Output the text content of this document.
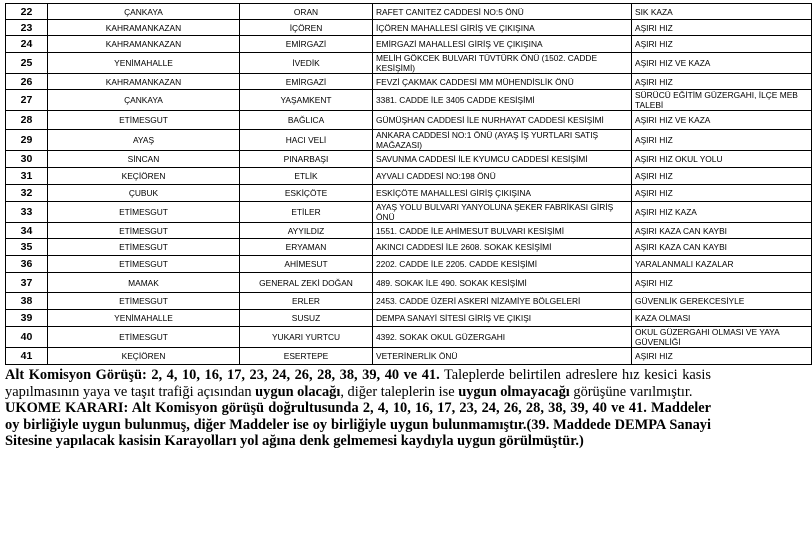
22	ÇANKAYA	ORAN	RAFET CANITEZ CADDESİ NO:5 ÖNÜ	SIK KAZA
23	KAHRAMANKAZAN	İÇÖREN	İÇÖREN MAHALLESİ GİRİŞ VE ÇIKIŞINA	AŞIRI HIZ
24	KAHRAMANKAZAN	EMİRGAZİ	EMİRGAZİ MAHALLESİ GİRİŞ VE ÇIKIŞINA	AŞIRI HIZ
25	YENİMAHALLE	İVEDİK	MELİH GÖKCEK BULVARI TÜVTÜRK ÖNÜ (1502. CADDE KESİŞİMİ)	AŞIRI HIZ VE KAZA
26	KAHRAMANKAZAN	EMİRGAZİ	FEVZİ ÇAKMAK CADDESİ MM MÜHENDİSLİK ÖNÜ	AŞIRI HIZ
27	ÇANKAYA	YAŞAMKENT	3381. CADDE İLE 3405 CADDE KESİŞİMİ	SÜRÜCÜ EĞİTİM GÜZERGAHI, İLÇE MEB TALEBİ
28	ETİMESGUT	BAĞLICA	GÜMÜŞHAN CADDESİ İLE NURHAYAT CADDESİ KESİŞİMİ	AŞIRI HIZ VE KAZA
29	AYAŞ	HACI VELİ	ANKARA CADDESİ NO:1 ÖNÜ (AYAŞ İŞ YURTLARI SATIŞ MAĞAZASI)	AŞIRI HIZ
30	SİNCAN	PINARBAŞI	SAVUNMA CADDESİ İLE KYUMCU CADDESİ KESİŞİMİ	AŞIRI HIZ OKUL YOLU
31	KEÇİÖREN	ETLİK	AYVALI CADDESİ NO:198 ÖNÜ	AŞIRI HIZ
32	ÇUBUK	ESKİÇÖTE	ESKİÇÖTE MAHALLESİ GİRİŞ ÇIKIŞINA	AŞIRI HIZ
33	ETİMESGUT	ETİLER	AYAŞ YOLU BULVARI YANYOLUNA ŞEKER FABRİKASI GİRİŞ ÖNÜ	AŞIRI HIZ KAZA
34	ETİMESGUT	AYYILDIZ	1551. CADDE İLE AHİMESUT BULVARI KESİŞİMİ	AŞIRI KAZA CAN KAYBI
35	ETİMESGUT	ERYAMAN	AKINCI CADDESİ İLE 2608. SOKAK KESİŞİMİ	AŞIRI KAZA CAN KAYBI
36	ETİMESGUT	AHİMESUT	2202. CADDE İLE 2205. CADDE KESİŞİMİ	YARALANMALI KAZALAR
37	MAMAK	GENERAL ZEKİ DOĞAN	489. SOKAK İLE 490. SOKAK KESİŞİMİ	AŞIRI HIZ
38	ETİMESGUT	ERLER	2453. CADDE ÜZERİ ASKERİ NİZAMİYE BÖLGELERİ	GÜVENLİK GEREKCESİYLE
39	YENİMAHALLE	SUSUZ	DEMPA SANAYİ SİTESİ GİRİŞ VE ÇIKIŞI	KAZA OLMASI
40	ETİMESGUT	YUKARI YURTCU	4392. SOKAK OKUL GÜZERGAHI	OKUL GÜZERGAHI OLMASI VE YAYA GÜVENLİĞİ
41	KEÇİÖREN	ESERTEPE	VETERİNERLİK ÖNÜ	AŞIRI HIZ

Alt Komisyon Görüşü: 2, 4, 10, 16, 17, 23, 24, 26, 28, 38, 39, 40 ve 41. Taleplerde belirtilen adreslere hız kesici kasis yapılmasının yaya ve taşıt trafiği açısından uygun olacağı, diğer taleplerin ise uygun olmayacağı görüşüne varılmıştır.

UKOME KARARI: Alt Komisyon görüşü doğrultusunda 2, 4, 10, 16, 17, 23, 24, 26, 28, 38, 39, 40 ve 41. Maddeler oy birliğiyle uygun bulunmuş, diğer Maddeler ise oy birliğiyle uygun bulunmamıştır.(39. Maddede DEMPA Sanayi Sitesine yapılacak kasisin Karayolları yol ağına denk gelmemesi kaydıyla uygun görülmüştür.)
